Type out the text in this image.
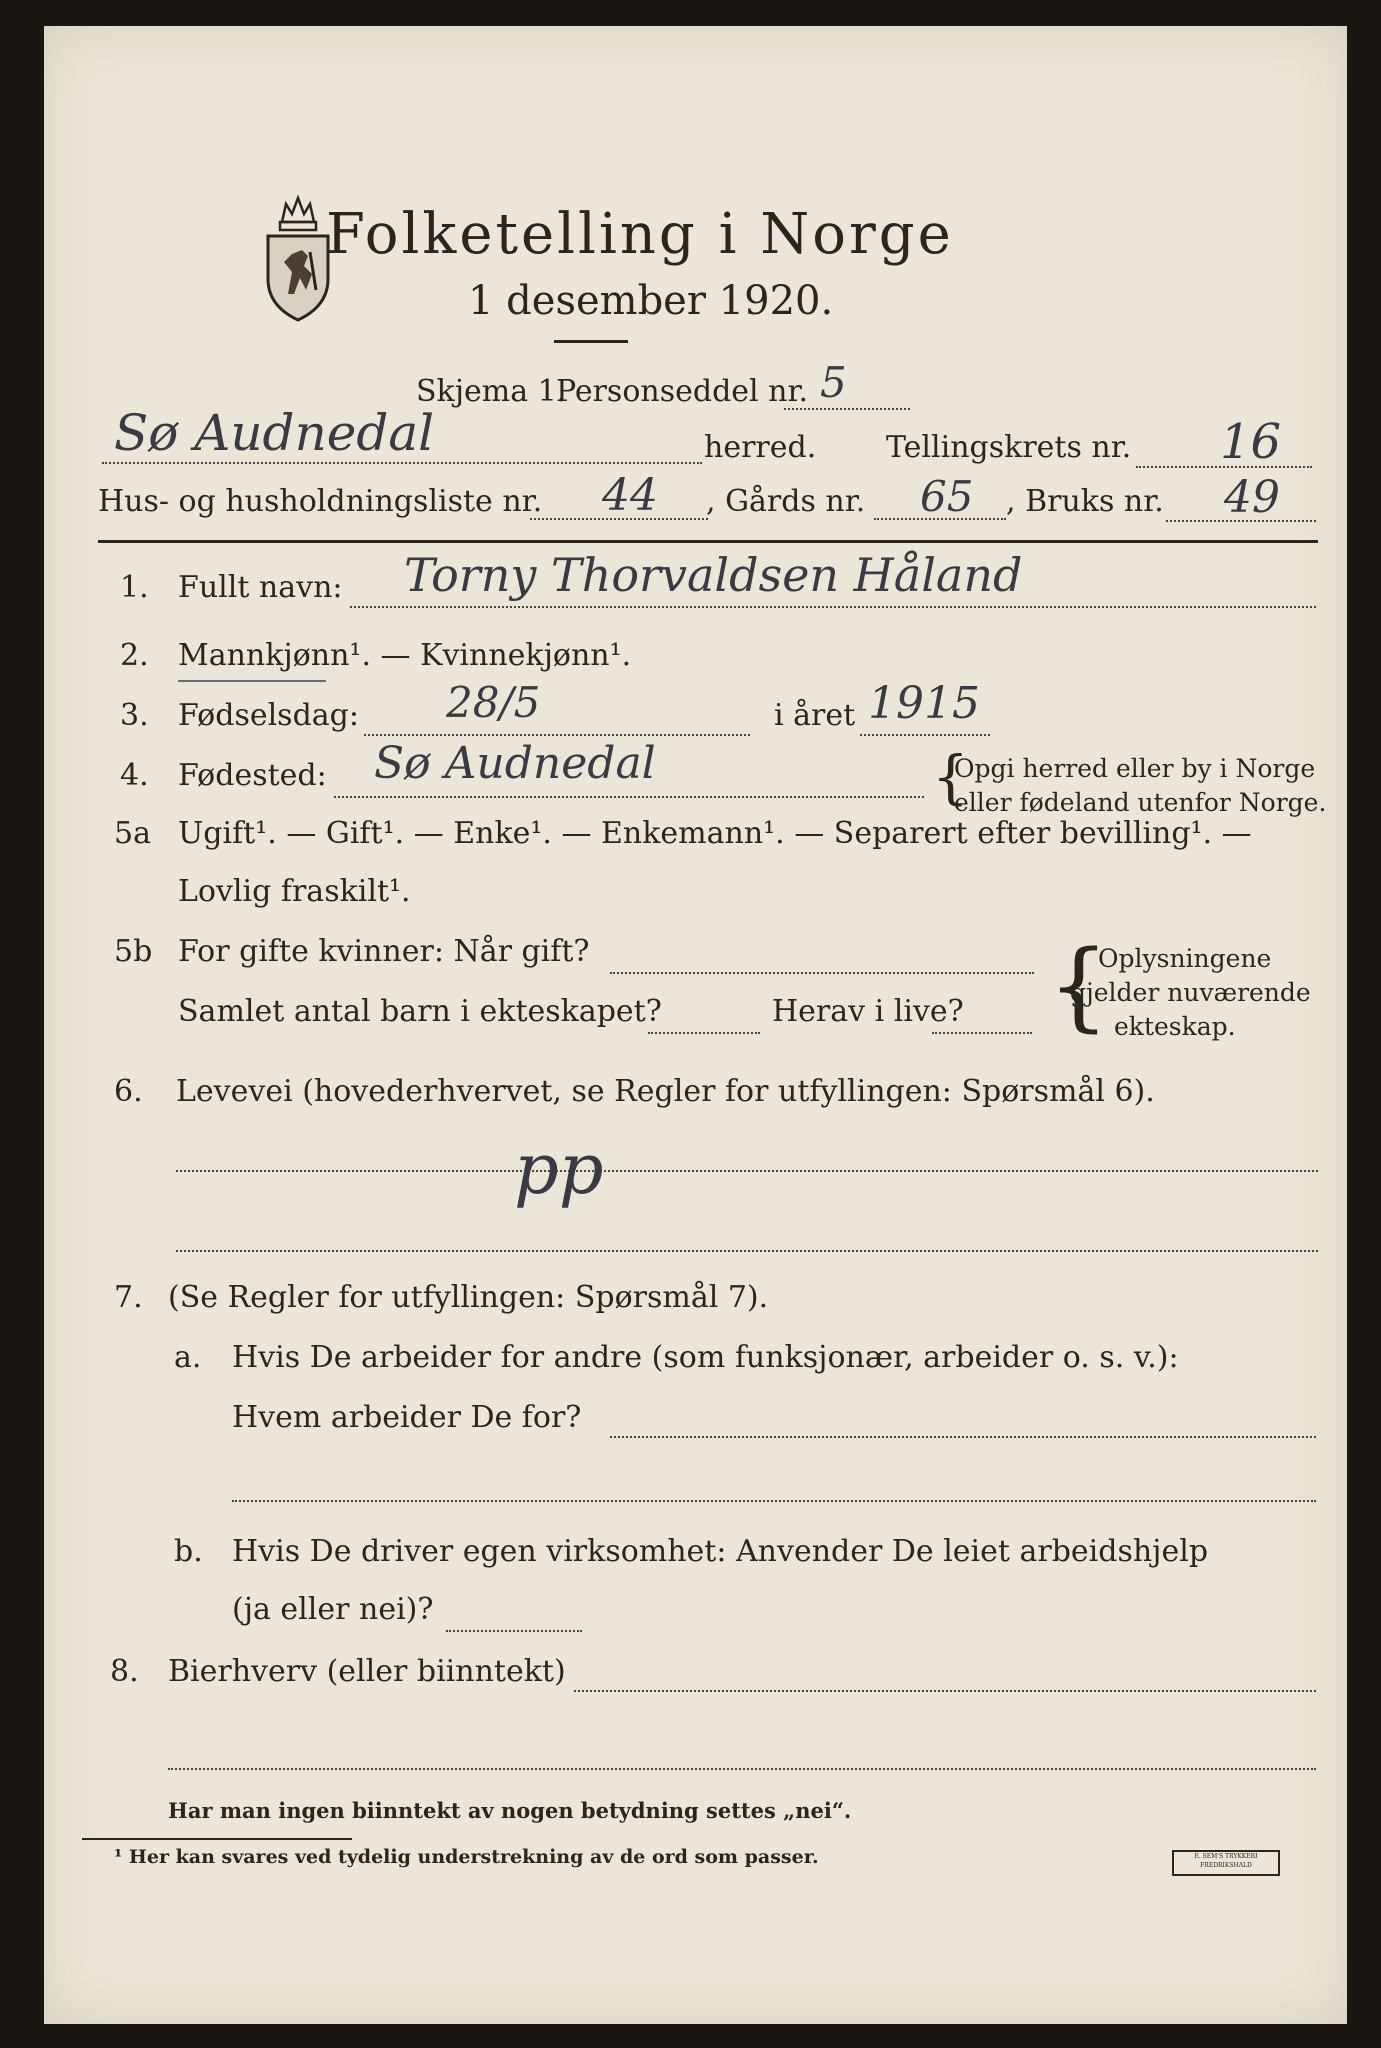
Folketelling i Norge
1 desember 1920.
Skjema 1.
Personseddel nr. 5
Sø Audnedal	herred. Tellingskrets nr. 16
Hus- og husholdningsliste nr. 44 , Gårds nr. 65 , Bruks nr. 49
1. Fullt navn: Torny Thorvaldsen Håland
2. Mannkjønn¹. — Kvinnekjønn¹.
3. Fødselsdag: 28/5	i året 1915
4. Fødested: Sø Audnedal	{
Opgi herred eller by i Norge
eller fødeland utenfor Norge.
5a Ugift¹. — Gift¹. — Enke¹. — Enkemann¹. — Separert efter bevilling¹. —
Lovlig fraskilt¹.
5b For gifte kvinner: Når gift?
Samlet antal barn i ekteskapet?	Herav i live? {
Oplysningene
gjelder nuværende
ekteskap.
6. Levevei (hovederhvervet, se Regler for utfyllingen: Spørsmål 6).
pp
7. (Se Regler for utfyllingen: Spørsmål 7).
a. Hvis De arbeider for andre (som funksjonær, arbeider o. s. v.):
Hvem arbeider De for?
b. Hvis De driver egen virksomhet: Anvender De leiet arbeidshjelp
(ja eller nei)?
8. Bierhverv (eller biinntekt)
Har man ingen biinntekt av nogen betydning settes „nei“.
¹ Her kan svares ved tydelig understrekning av de ord som passer.	E. SEM'S TRYKKERI FREDRIKSHALD
